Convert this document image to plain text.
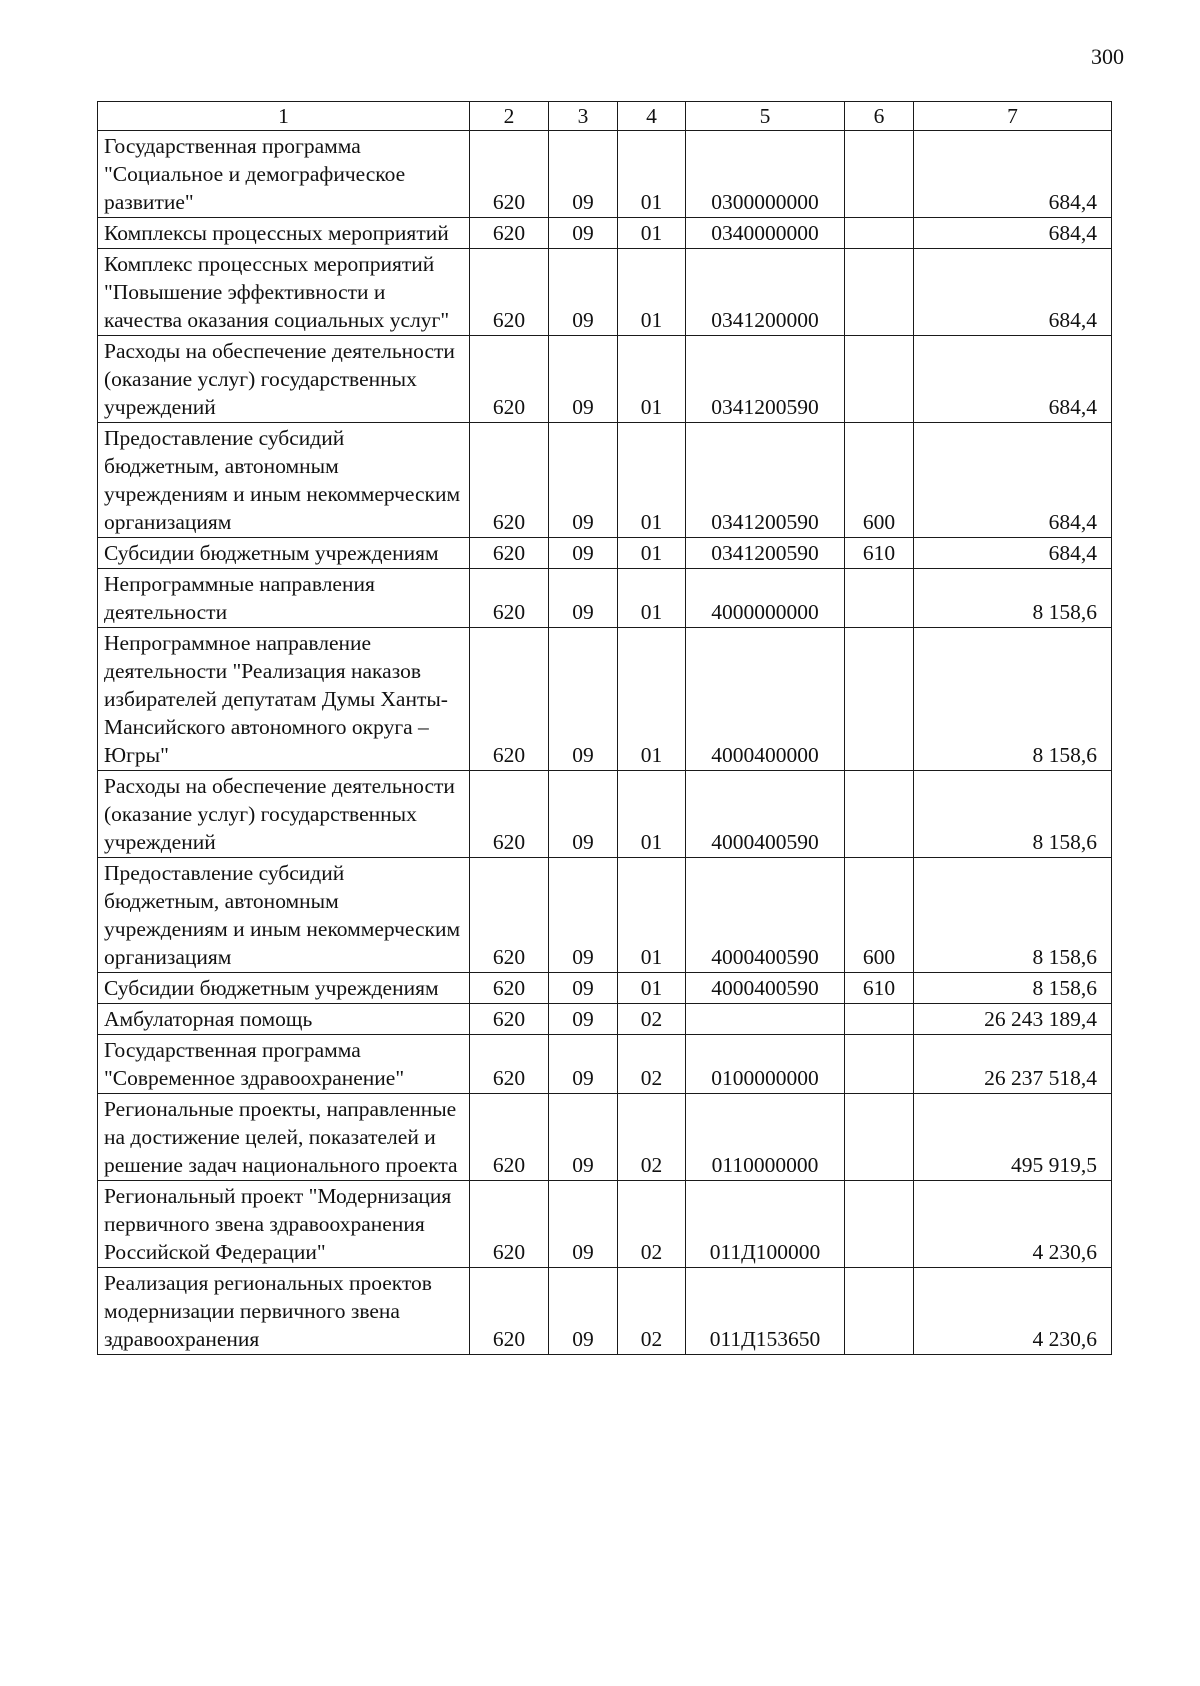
300
1	2	3	4	5	6	7
Государственная программа "Социальное и демографическое развитие"	620	09	01	0300000000		684,4
Комплексы процессных мероприятий	620	09	01	0340000000		684,4
Комплекс процессных мероприятий "Повышение эффективности и качества оказания социальных услуг"	620	09	01	0341200000		684,4
Расходы на обеспечение деятельности (оказание услуг) государственных учреждений	620	09	01	0341200590		684,4
Предоставление субсидий бюджетным, автономным учреждениям и иным некоммерческим организациям	620	09	01	0341200590	600	684,4
Субсидии бюджетным учреждениям	620	09	01	0341200590	610	684,4
Непрограммные направления деятельности	620	09	01	4000000000		8 158,6
Непрограммное направление деятельности "Реализация наказов избирателей депутатам Думы Ханты-Мансийского автономного округа – Югры"	620	09	01	4000400000		8 158,6
Расходы на обеспечение деятельности (оказание услуг) государственных учреждений	620	09	01	4000400590		8 158,6
Предоставление субсидий бюджетным, автономным учреждениям и иным некоммерческим организациям	620	09	01	4000400590	600	8 158,6
Субсидии бюджетным учреждениям	620	09	01	4000400590	610	8 158,6
Амбулаторная помощь	620	09	02			26 243 189,4
Государственная программа "Современное здравоохранение"	620	09	02	0100000000		26 237 518,4
Региональные проекты, направленные на достижение целей, показателей и решение задач национального проекта	620	09	02	0110000000		495 919,5
Региональный проект "Модернизация первичного звена здравоохранения Российской Федерации"	620	09	02	011Д100000		4 230,6
Реализация региональных проектов модернизации первичного звена здравоохранения	620	09	02	011Д153650		4 230,6
